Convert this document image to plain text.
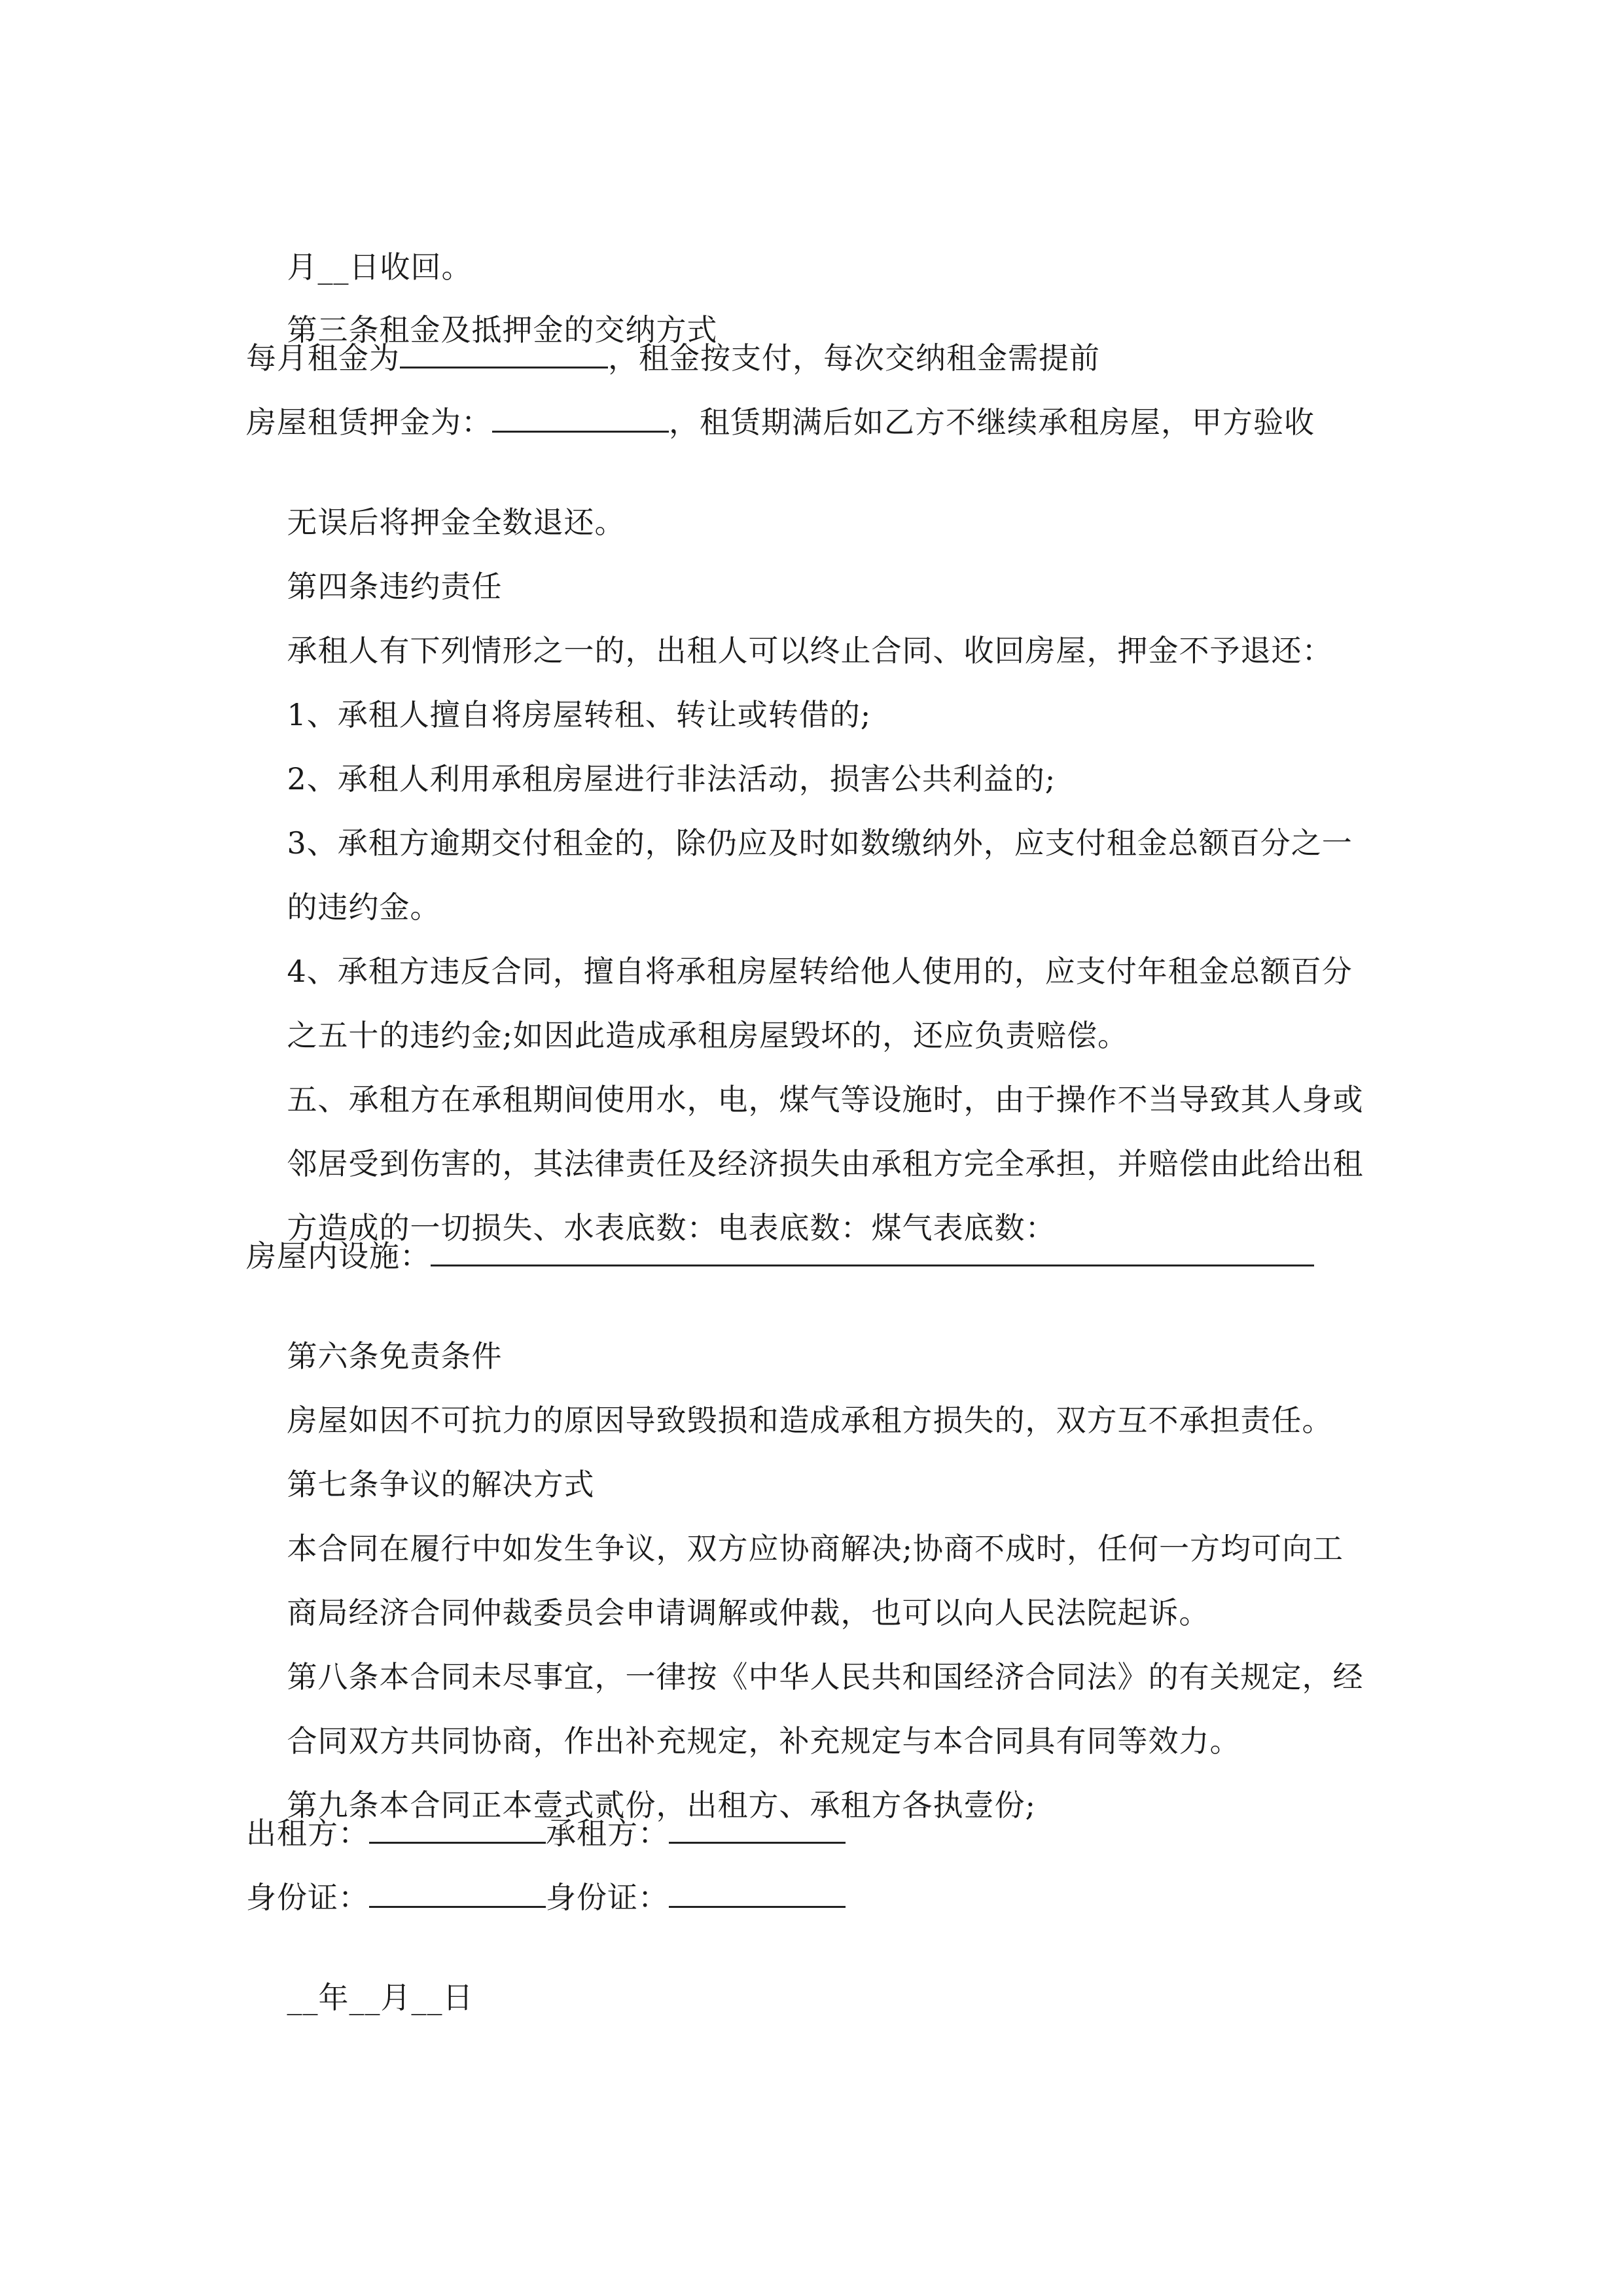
月__日收回。

第三条租金及抵押金的交纳方式

每月租金为	，租金按支付，每次交纳租金需提前
房屋租赁押金为：	，租赁期满后如乙方不继续承租房屋，甲方验收

无误后将押金全数退还。

第四条违约责任

承租人有下列情形之一的，出租人可以终止合同、收回房屋，押金不予退还：

1、承租人擅自将房屋转租、转让或转借的;

2、承租人利用承租房屋进行非法活动，损害公共利益的;

3、承租方逾期交付租金的，除仍应及时如数缴纳外，应支付租金总额百分之一

的违约金。

4、承租方违反合同，擅自将承租房屋转给他人使用的，应支付年租金总额百分

之五十的违约金;如因此造成承租房屋毁坏的，还应负责赔偿。

五、承租方在承租期间使用水，电，煤气等设施时，由于操作不当导致其人身或

邻居受到伤害的，其法律责任及经济损失由承租方完全承担，并赔偿由此给出租

方造成的一切损失、水表底数：电表底数：煤气表底数：

房屋内设施：

第六条免责条件

房屋如因不可抗力的原因导致毁损和造成承租方损失的，双方互不承担责任。

第七条争议的解决方式

本合同在履行中如发生争议，双方应协商解决;协商不成时，任何一方均可向工

商局经济合同仲裁委员会申请调解或仲裁，也可以向人民法院起诉。

第八条本合同未尽事宜，一律按《中华人民共和国经济合同法》的有关规定，经

合同双方共同协商，作出补充规定，补充规定与本合同具有同等效力。

第九条本合同正本壹式贰份，出租方、承租方各执壹份;

出租方：	承租方：
身份证：	身份证：

__年__月__日
